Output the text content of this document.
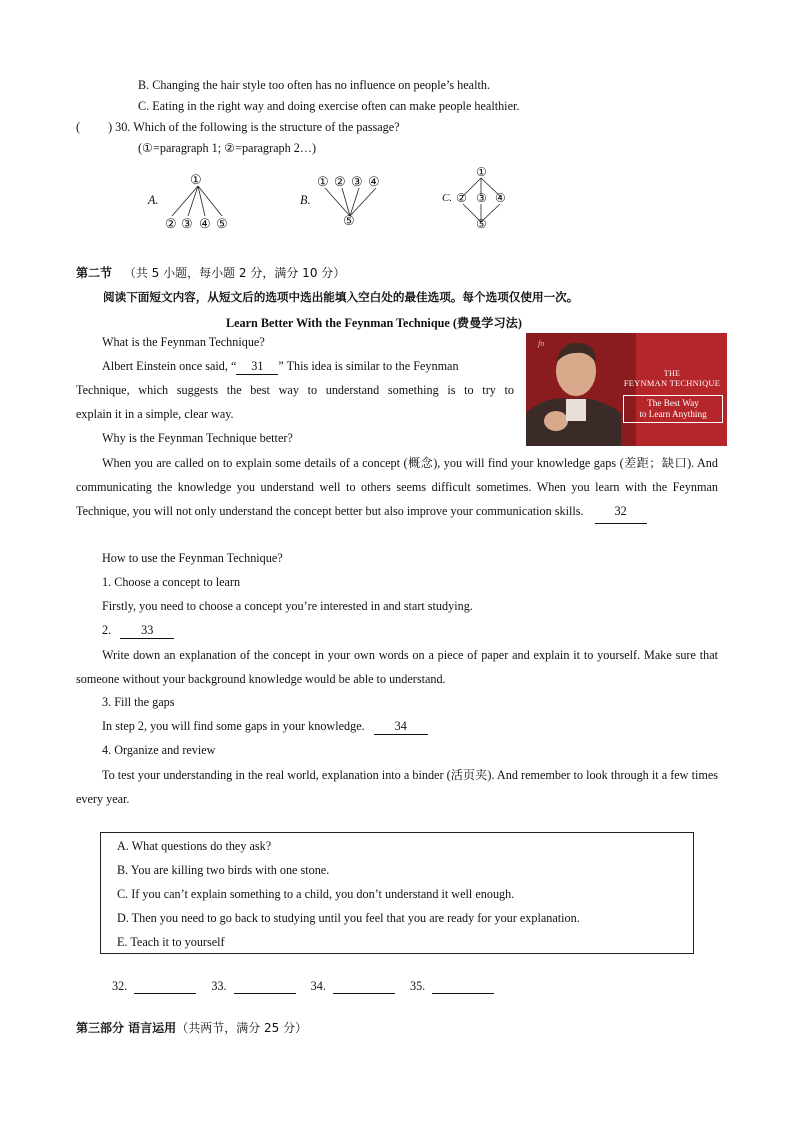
B. Changing the hair style too often has no influence on people’s health.
C. Eating in the right way and doing exercise often can make people healthier.
( ) 30. Which of the following is the structure of the passage?
(①=paragraph 1; ②=paragraph 2…)
A.
①
② ③ ④ ⑤
B.
① ② ③ ④
⑤
C.
①
② ③ ④
⑤
第二节 （共 5 小题，每小题 2 分，满分 10 分）
阅读下面短文内容，从短文后的选项中选出能填入空白处的最佳选项。每个选项仅使用一次。
Learn Better With the Feynman Technique (费曼学习法)
fn
THE
FEYNMAN TECHNIQUE
The Best Way
to Learn Anything
What is the Feynman Technique?
Albert Einstein once said, “ 31 ” This idea is similar to the Feynman
Technique, which suggests the best way to understand something is to try to
explain it in a simple, clear way.
Why is the Feynman Technique better?
When you are called on to explain some details of a concept (概念), you will find your knowledge gaps (差距；缺口). And communicating the knowledge you understand well to others seems difficult sometimes. When you learn with the Feynman Technique, you will not only understand the concept better but also improve your communication skills.	32
How to use the Feynman Technique?
1. Choose a concept to learn
Firstly, you need to choose a concept you’re interested in and start studying.
2. 33
Write down an explanation of the concept in your own words on a piece of paper and explain it to yourself. Make sure that someone without your background knowledge would be able to understand.
3. Fill the gaps
In step 2, you will find some gaps in your knowledge. 34
4. Organize and review
To test your understanding in the real world, explanation into a binder (活页夹). And remember to look through it a few times every year.
A. What questions do they ask?
B. You are killing two birds with one stone.
C. If you can’t explain something to a child, you don’t understand it well enough.
D. Then you need to go back to studying until you feel that you are ready for your explanation.
E. Teach it to yourself
32.	33.	34.	35.
第三部分 语言运用（共两节，满分 25 分）
